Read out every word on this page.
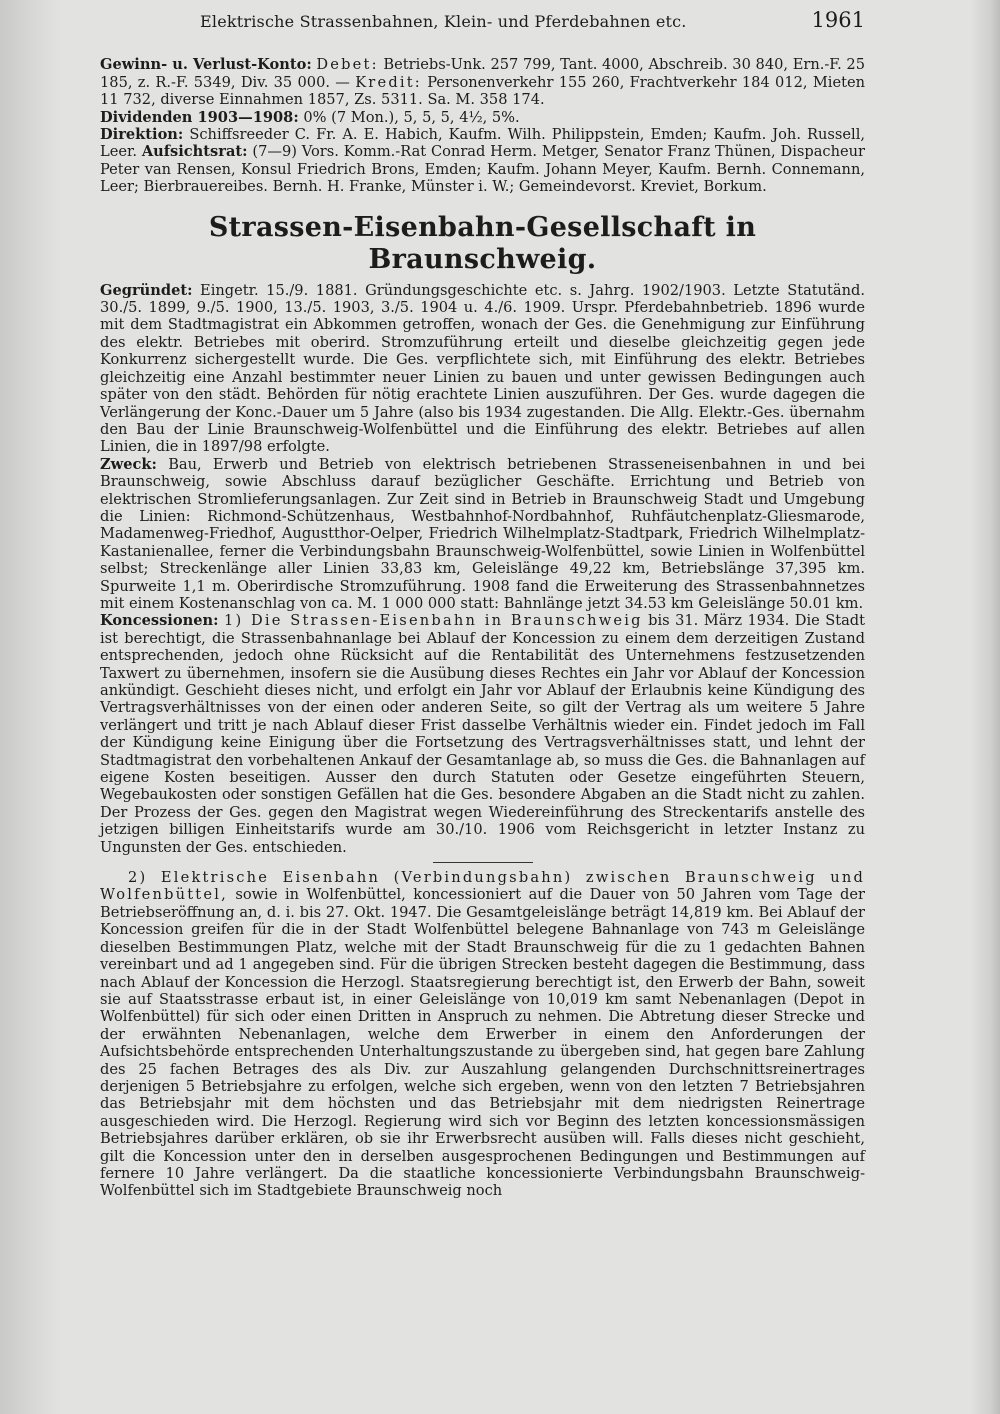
Elektrische Strassenbahnen, Klein- und Pferdebahnen etc.	1961

Gewinn- u. Verlust-Konto: Debet: Betriebs-Unk. 257 799, Tant. 4000, Abschreib. 30 840, Ern.-F. 25 185, z. R.-F. 5349, Div. 35 000. — Kredit: Personenverkehr 155 260, Frachtverkehr 184 012, Mieten 11 732, diverse Einnahmen 1857, Zs. 5311. Sa. M. 358 174.

Dividenden 1903—1908: 0% (7 Mon.), 5, 5, 5, 4½, 5%.

Direktion: Schiffsreeder C. Fr. A. E. Habich, Kaufm. Wilh. Philippstein, Emden; Kaufm. Joh. Russell, Leer. Aufsichtsrat: (7—9) Vors. Komm.-Rat Conrad Herm. Metger, Senator Franz Thünen, Dispacheur Peter van Rensen, Konsul Friedrich Brons, Emden; Kaufm. Johann Meyer, Kaufm. Bernh. Connemann, Leer; Bierbrauereibes. Bernh. H. Franke, Münster i. W.; Gemeindevorst. Kreviet, Borkum.

Strassen-Eisenbahn-Gesellschaft in Braunschweig.

Gegründet: Eingetr. 15./9. 1881. Gründungsgeschichte etc. s. Jahrg. 1902/1903. Letzte Statutänd. 30./5. 1899, 9./5. 1900, 13./5. 1903, 3./5. 1904 u. 4./6. 1909. Urspr. Pferdebahnbetrieb. 1896 wurde mit dem Stadtmagistrat ein Abkommen getroffen, wonach der Ges. die Genehmigung zur Einführung des elektr. Betriebes mit oberird. Stromzuführung erteilt und dieselbe gleichzeitig gegen jede Konkurrenz sichergestellt wurde. Die Ges. verpflichtete sich, mit Einführung des elektr. Betriebes gleichzeitig eine Anzahl bestimmter neuer Linien zu bauen und unter gewissen Bedingungen auch später von den städt. Behörden für nötig erachtete Linien auszuführen. Der Ges. wurde dagegen die Verlängerung der Konc.-Dauer um 5 Jahre (also bis 1934 zugestanden. Die Allg. Elektr.-Ges. übernahm den Bau der Linie Braunschweig-Wolfenbüttel und die Einführung des elektr. Betriebes auf allen Linien, die in 1897/98 erfolgte.

Zweck: Bau, Erwerb und Betrieb von elektrisch betriebenen Strasseneisenbahnen in und bei Braunschweig, sowie Abschluss darauf bezüglicher Geschäfte. Errichtung und Betrieb von elektrischen Stromlieferungsanlagen. Zur Zeit sind in Betrieb in Braunschweig Stadt und Umgebung die Linien: Richmond-Schützenhaus, Westbahnhof-Nordbahnhof, Ruhfäutchenplatz-Gliesmarode, Madamenweg-Friedhof, Augustthor-Oelper, Friedrich Wilhelmplatz-Stadtpark, Friedrich Wilhelmplatz-Kastanienallee, ferner die Verbindungsbahn Braunschweig-Wolfenbüttel, sowie Linien in Wolfenbüttel selbst; Streckenlänge aller Linien 33,83 km, Geleislänge 49,22 km, Betriebslänge 37,395 km. Spurweite 1,1 m. Oberirdische Stromzuführung. 1908 fand die Erweiterung des Strassenbahnnetzes mit einem Kostenanschlag von ca. M. 1 000 000 statt: Bahnlänge jetzt 34.53 km Geleislänge 50.01 km.

Koncessionen: 1) Die Strassen-Eisenbahn in Braunschweig bis 31. März 1934. Die Stadt ist berechtigt, die Strassenbahnanlage bei Ablauf der Koncession zu einem dem derzeitigen Zustand entsprechenden, jedoch ohne Rücksicht auf die Rentabilität des Unternehmens festzusetzenden Taxwert zu übernehmen, insofern sie die Ausübung dieses Rechtes ein Jahr vor Ablauf der Koncession ankündigt. Geschieht dieses nicht, und erfolgt ein Jahr vor Ablauf der Erlaubnis keine Kündigung des Vertragsverhältnisses von der einen oder anderen Seite, so gilt der Vertrag als um weitere 5 Jahre verlängert und tritt je nach Ablauf dieser Frist dasselbe Verhältnis wieder ein. Findet jedoch im Fall der Kündigung keine Einigung über die Fortsetzung des Vertragsverhältnisses statt, und lehnt der Stadtmagistrat den vorbehaltenen Ankauf der Gesamtanlage ab, so muss die Ges. die Bahnanlagen auf eigene Kosten beseitigen. Ausser den durch Statuten oder Gesetze eingeführten Steuern, Wegebaukosten oder sonstigen Gefällen hat die Ges. besondere Abgaben an die Stadt nicht zu zahlen. Der Prozess der Ges. gegen den Magistrat wegen Wiedereinführung des Streckentarifs anstelle des jetzigen billigen Einheitstarifs wurde am 30./10. 1906 vom Reichsgericht in letzter Instanz zu Ungunsten der Ges. entschieden.

2) Elektrische Eisenbahn (Verbindungsbahn) zwischen Braunschweig und Wolfenbüttel, sowie in Wolfenbüttel, koncessioniert auf die Dauer von 50 Jahren vom Tage der Betriebseröffnung an, d. i. bis 27. Okt. 1947. Die Gesamtgeleislänge beträgt 14,819 km. Bei Ablauf der Koncession greifen für die in der Stadt Wolfenbüttel belegene Bahnanlage von 743 m Geleislänge dieselben Bestimmungen Platz, welche mit der Stadt Braunschweig für die zu 1 gedachten Bahnen vereinbart und ad 1 angegeben sind. Für die übrigen Strecken besteht dagegen die Bestimmung, dass nach Ablauf der Koncession die Herzogl. Staatsregierung berechtigt ist, den Erwerb der Bahn, soweit sie auf Staatsstrasse erbaut ist, in einer Geleislänge von 10,019 km samt Nebenanlagen (Depot in Wolfenbüttel) für sich oder einen Dritten in Anspruch zu nehmen. Die Abtretung dieser Strecke und der erwähnten Nebenanlagen, welche dem Erwerber in einem den Anforderungen der Aufsichtsbehörde entsprechenden Unterhaltungszustande zu übergeben sind, hat gegen bare Zahlung des 25 fachen Betrages des als Div. zur Auszahlung gelangenden Durchschnittsreinertrages derjenigen 5 Betriebsjahre zu erfolgen, welche sich ergeben, wenn von den letzten 7 Betriebsjahren das Betriebsjahr mit dem höchsten und das Betriebsjahr mit dem niedrigsten Reinertrage ausgeschieden wird. Die Herzogl. Regierung wird sich vor Beginn des letzten koncessionsmässigen Betriebsjahres darüber erklären, ob sie ihr Erwerbsrecht ausüben will. Falls dieses nicht geschieht, gilt die Koncession unter den in derselben ausgesprochenen Bedingungen und Bestimmungen auf fernere 10 Jahre verlängert. Da die staatliche koncessionierte Verbindungsbahn Braunschweig-Wolfenbüttel sich im Stadtgebiete Braunschweig noch
